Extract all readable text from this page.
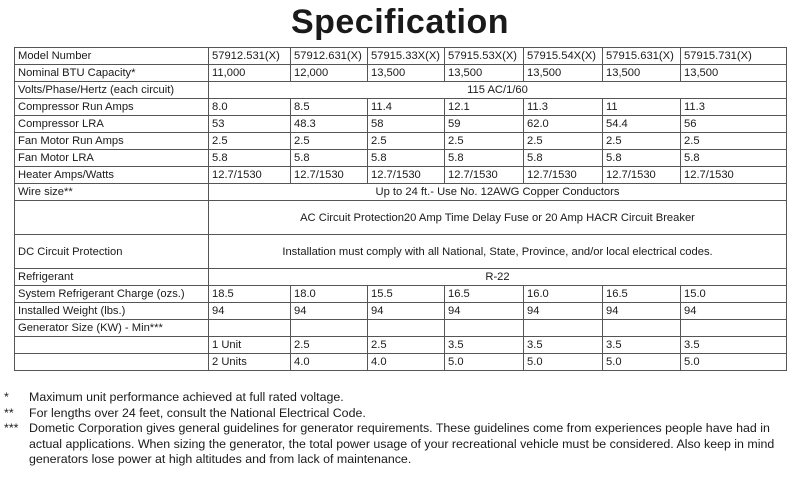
Specification
Model Number	57912.531(X)	57912.631(X)	57915.33X(X)	57915.53X(X)	57915.54X(X)	57915.631(X)	57915.731(X)
Nominal BTU Capacity*	11,000	12,000	13,500	13,500	13,500	13,500	13,500
Volts/Phase/Hertz (each circuit)	115 AC/1/60						
Compressor Run Amps	8.0	8.5	11.4	12.1	11.3	11	11.3
Compressor LRA	53	48.3	58	59	62.0	54.4	56
Fan Motor Run Amps	2.5	2.5	2.5	2.5	2.5	2.5	2.5
Fan Motor LRA	5.8	5.8	5.8	5.8	5.8	5.8	5.8
Heater Amps/Watts	12.7/1530	12.7/1530	12.7/1530	12.7/1530	12.7/1530	12.7/1530	12.7/1530
Wire size**	Up to 24 ft.- Use No. 12AWG Copper Conductors						
	AC Circuit Protection20 Amp Time Delay Fuse or 20 Amp HACR Circuit Breaker						
DC Circuit Protection	Installation must comply with all National, State, Province, and/or local electrical codes.						
Refrigerant	R-22						
System Refrigerant Charge (ozs.)	18.5	18.0	15.5	16.5	16.0	16.5	15.0
Installed Weight (lbs.)	94	94	94	94	94	94	94
Generator Size (KW) - Min***							
	1 Unit	2.5	2.5	3.5	3.5	3.5	3.5
	2 Units	4.0	4.0	5.0	5.0	5.0	5.0
*	Maximum unit performance achieved at full rated voltage.
**	For lengths over 24 feet, consult the National Electrical Code.
*** Dometic Corporation gives general guidelines for generator requirements. These guidelines come from experiences people have had in actual applications. When sizing the generator, the total power usage of your recreational vehicle must be considered. Also keep in mind generators lose power at high altitudes and from lack of maintenance.
